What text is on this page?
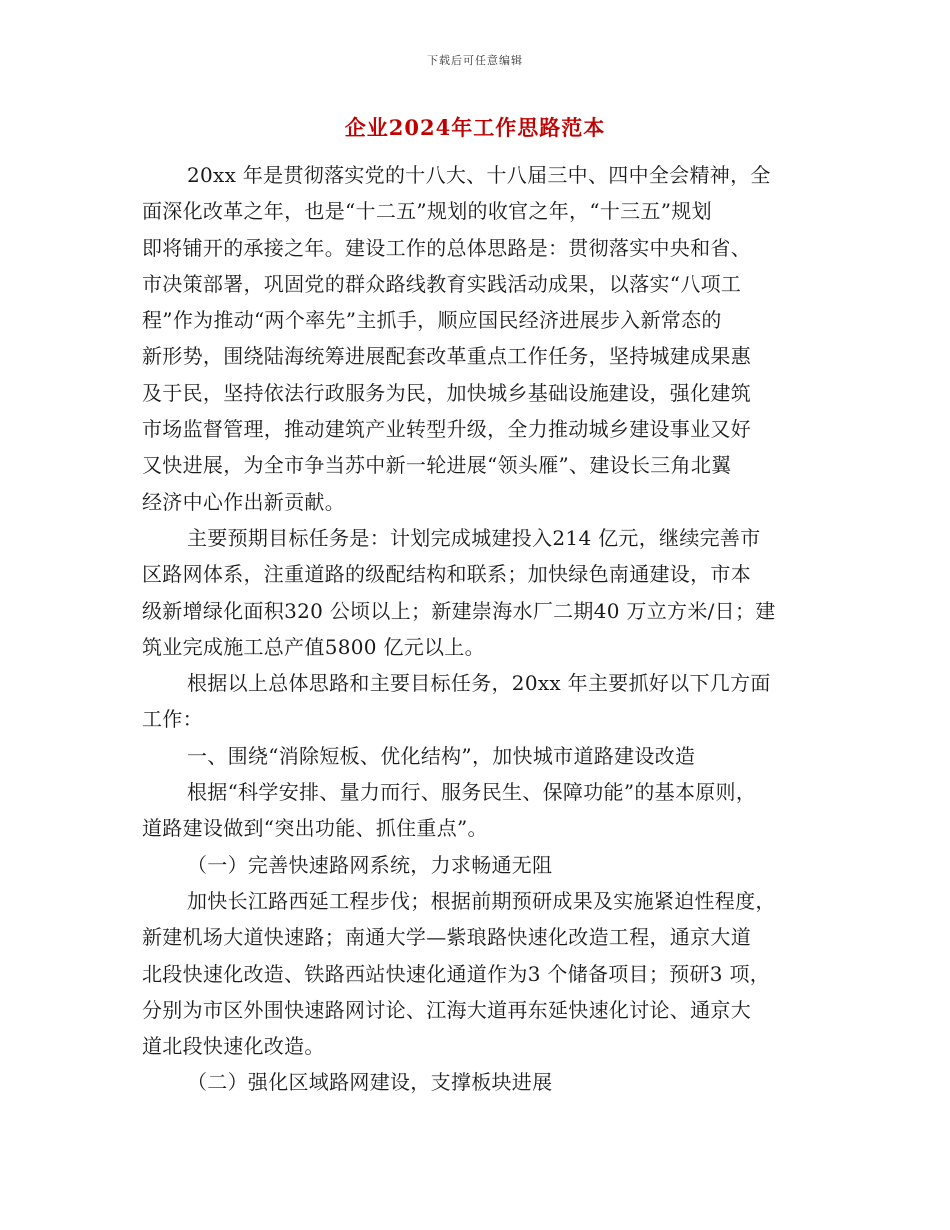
下载后可任意编辑
企业2024年工作思路范本
20xx 年是贯彻落实党的十八大、十八届三中、四中全会精神，全
面深化改革之年，也是“十二五”规划的收官之年，“十三五”规划
即将铺开的承接之年。建设工作的总体思路是：贯彻落实中央和省、
市决策部署，巩固党的群众路线教育实践活动成果，以落实“八项工
程”作为推动“两个率先”主抓手，顺应国民经济进展步入新常态的
新形势，围绕陆海统筹进展配套改革重点工作任务，坚持城建成果惠
及于民，坚持依法行政服务为民，加快城乡基础设施建设，强化建筑
市场监督管理，推动建筑产业转型升级，全力推动城乡建设事业又好
又快进展，为全市争当苏中新一轮进展“领头雁”、建设长三角北翼
经济中心作出新贡献。
主要预期目标任务是：计划完成城建投入214 亿元，继续完善市
区路网体系，注重道路的级配结构和联系；加快绿色南通建设，市本
级新增绿化面积320 公顷以上；新建崇海水厂二期40 万立方米/日；建
筑业完成施工总产值5800 亿元以上。
根据以上总体思路和主要目标任务，20xx 年主要抓好以下几方面
工作：
一、围绕“消除短板、优化结构”，加快城市道路建设改造
根据“科学安排、量力而行、服务民生、保障功能”的基本原则，
道路建设做到“突出功能、抓住重点”。
（一）完善快速路网系统，力求畅通无阻
加快长江路西延工程步伐；根据前期预研成果及实施紧迫性程度，
新建机场大道快速路；南通大学—紫琅路快速化改造工程，通京大道
北段快速化改造、铁路西站快速化通道作为3 个储备项目；预研3 项，
分别为市区外围快速路网讨论、江海大道再东延快速化讨论、通京大
道北段快速化改造。
（二）强化区域路网建设，支撑板块进展
